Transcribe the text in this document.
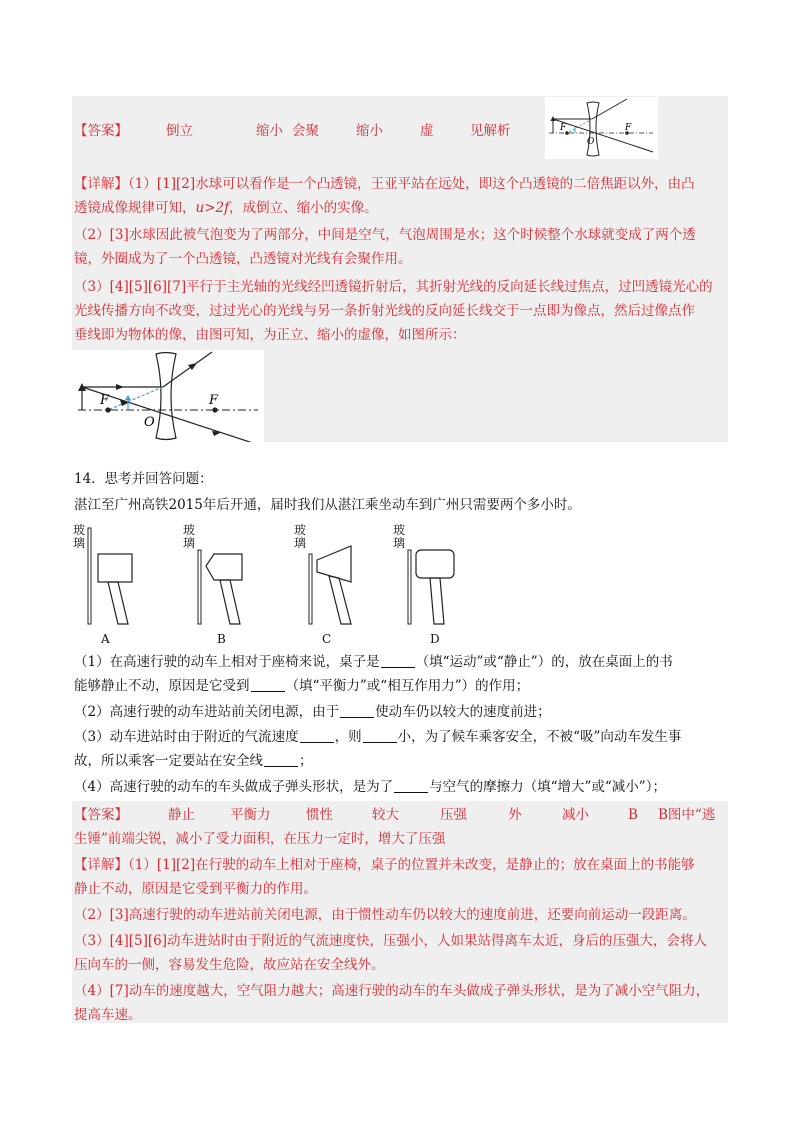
【答案】	倒立	缩小 会聚	缩小	虚	见解析	F	F
O
【详解】（1）[1][2]水球可以看作是一个凸透镜，王亚平站在远处，即这个凸透镜的二倍焦距以外，由凸
透镜成像规律可知，u>2f，成倒立、缩小的实像。
（2）[3]水球因此被气泡变为了两部分，中间是空气，气泡周围是水；这个时候整个水球就变成了两个透
镜，外圈成为了一个凸透镜，凸透镜对光线有会聚作用。
（3）[4][5][6][7]平行于主光轴的光线经凹透镜折射后，其折射光线的反向延长线过焦点，过凹透镜光心的
光线传播方向不改变，过过光心的光线与另一条折射光线的反向延长线交于一点即为像点，然后过像点作
垂线即为物体的像，由图可知，为正立、缩小的虚像，如图所示：
F	F
O
14．思考并回答问题：
湛江至广州高铁2015年后开通，届时我们从湛江乘坐动车到广州只需要两个多小时。
玻
璃
A
玻
璃
B
玻
璃
C
玻
璃
D
（1）在高速行驶的动车上相对于座椅来说，桌子是	（填“运动”或“静止”）的，放在桌面上的书
能够静止不动，原因是它受到	（填“平衡力”或“相互作用力”）的作用；
（2）高速行驶的动车进站前关闭电源，由于	使动车仍以较大的速度前进；
（3）动车进站时由于附近的气流速度	，则	小，为了候车乘客安全，不被“吸”向动车发生事
故，所以乘客一定要站在安全线	；
（4）高速行驶的动车的车头做成子弹头形状，是为了	与空气的摩擦力（填“增大”或“减小”）；
【答案】	静止	平衡力	惯性	较大	压强	外	减小	B B图中“逃
生锤”前端尖锐，减小了受力面积，在压力一定时，增大了压强
【详解】（1）[1][2]在行驶的动车上相对于座椅，桌子的位置并未改变，是静止的；放在桌面上的书能够
静止不动，原因是它受到平衡力的作用。
（2）[3]高速行驶的动车进站前关闭电源，由于惯性动车仍以较大的速度前进，还要向前运动一段距离。
（3）[4][5][6]动车进站时由于附近的气流速度快，压强小，人如果站得离车太近，身后的压强大，会将人
压向车的一侧，容易发生危险，故应站在安全线外。
（4）[7]动车的速度越大，空气阻力越大；高速行驶的动车的车头做成子弹头形状，是为了减小空气阻力，
提高车速。
